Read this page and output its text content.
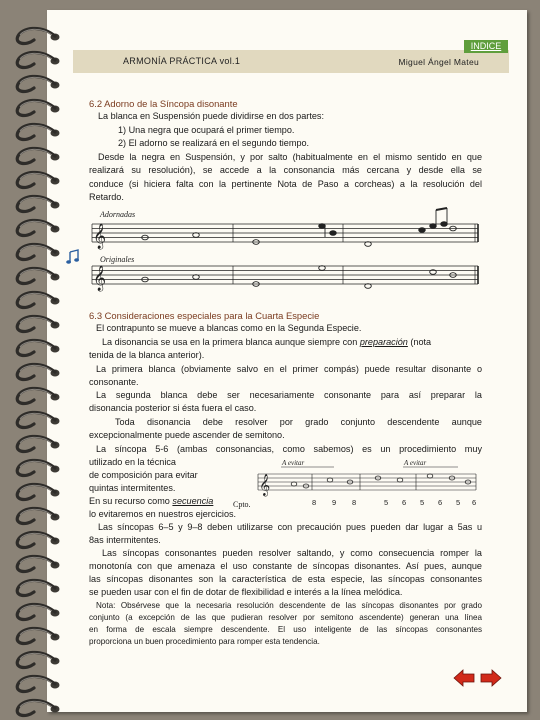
ARMONÍA PRÁCTICA vol.1	Miguel Ángel Mateu
INDICE
6.2 Adorno de la Síncopa disonante
La blanca en Suspensión puede dividirse en dos partes:
1) Una negra que ocupará el primer tiempo.
2) El adorno se realizará en el segundo tiempo.
Desde la negra en Suspensión, y por salto (habitualmente en el mismo sentido en que
realizará su resolución), se accede a la consonancia más cercana y desde ella se
conduce (si hiciera falta con la pertinente Nota de Paso a corcheas) a la resolución del
Retardo.
Adornadas
𝄞
Originales
𝄞
6.3 Consideraciones especiales para la Cuarta Especie
El contrapunto se mueve a blancas como en la Segunda Especie.
La disonancia se usa en la primera blanca aunque siempre con preparación (nota
tenida de la blanca anterior).
La primera blanca (obviamente salvo en el primer compás) puede resultar disonante o
consonante.
La segunda blanca debe ser necesariamente consonante para así preparar la
disonancia posterior si ésta fuera el caso.
Toda disonancia debe resolver por grado conjunto descendente aunque
excepcionalmente puede ascender de semitono.
La síncopa 5-6 (ambas consonancias, como sabemos) es un procedimiento muy
utilizado en la técnica
de composición para evitar
quintas intermitentes.
En su recurso como secuencia
lo evitaremos en nuestros ejercicios.
A evitar	A evitar
𝄞
8 9 8	5 6 5 6 5 6
Cpto.
Las síncopas 6–5 y 9–8 deben utilizarse con precaución pues pueden dar lugar a 5as u
8as intermitentes.
Las síncopas consonantes pueden resolver saltando, y como consecuencia romper la
monotonía con que amenaza el uso constante de síncopas disonantes. Así pues, aunque
las síncopas disonantes son la característica de esta especie, las síncopas consonantes
se pueden usar con el fin de dotar de flexibilidad e interés a la línea melódica.
Nota: Obsérvese que la necesaria resolución descendente de las síncopas disonantes por grado
conjunto (a excepción de las que pudieran resolver por semitono ascendente) generan una línea
en forma de escala siempre descendente. El uso inteligente de las síncopas consonantes
proporciona un buen procedimiento para romper esta tendencia.
